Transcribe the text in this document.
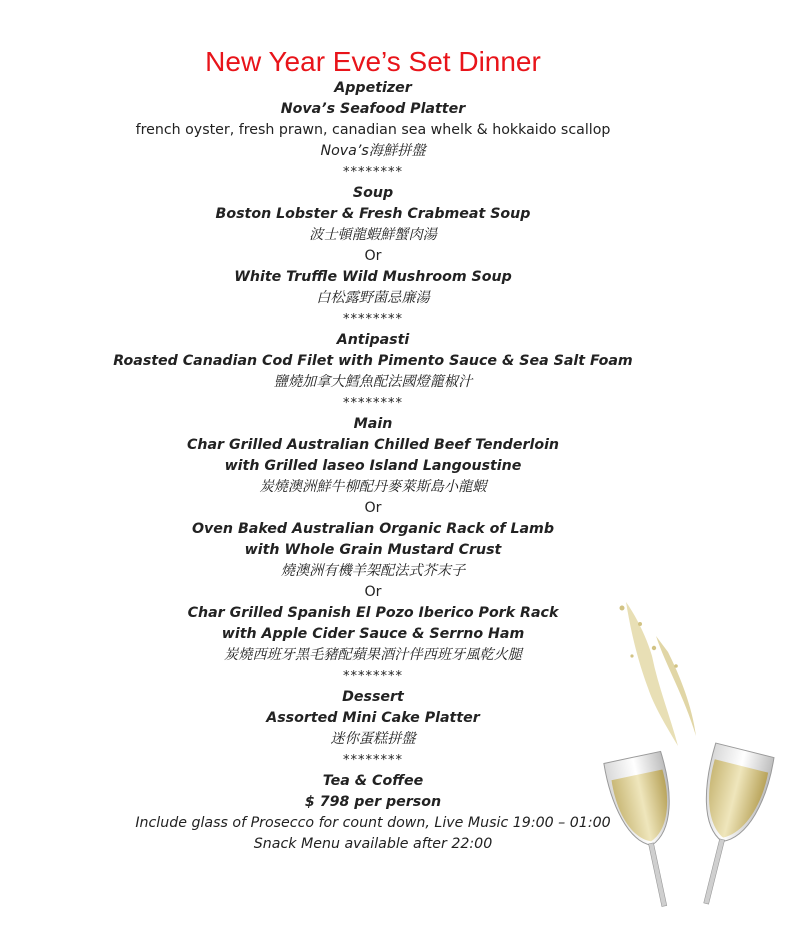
New Year Eve’s Set Dinner
Appetizer
Nova’s Seafood Platter
french oyster, fresh prawn, canadian sea whelk & hokkaido scallop
Nova’s海鮮拼盤
********
Soup
Boston Lobster & Fresh Crabmeat Soup
波士頓龍蝦鮮蟹肉湯
Or
White Truffle Wild Mushroom Soup
白松露野菌忌廉湯
********
Antipasti
Roasted Canadian Cod Filet with Pimento Sauce & Sea Salt Foam
鹽燒加拿大鱈魚配法國燈籠椒汁
********
Main
Char Grilled Australian Chilled Beef Tenderloin
with Grilled laseo Island Langoustine
炭燒澳洲鮮牛柳配丹麥萊斯島小龍蝦
Or
Oven Baked Australian Organic Rack of Lamb
with Whole Grain Mustard Crust
燒澳洲有機羊架配法式芥末子
Or
Char Grilled Spanish El Pozo Iberico Pork Rack
with Apple Cider Sauce & Serrno Ham
炭燒西班牙黑毛豬配蘋果酒汁伴西班牙風乾火腿
********
Dessert
Assorted Mini Cake Platter
迷你蛋糕拼盤
********
Tea & Coffee
$ 798 per person
Include glass of Prosecco for count down, Live Music 19:00 – 01:00
Snack Menu available after 22:00
